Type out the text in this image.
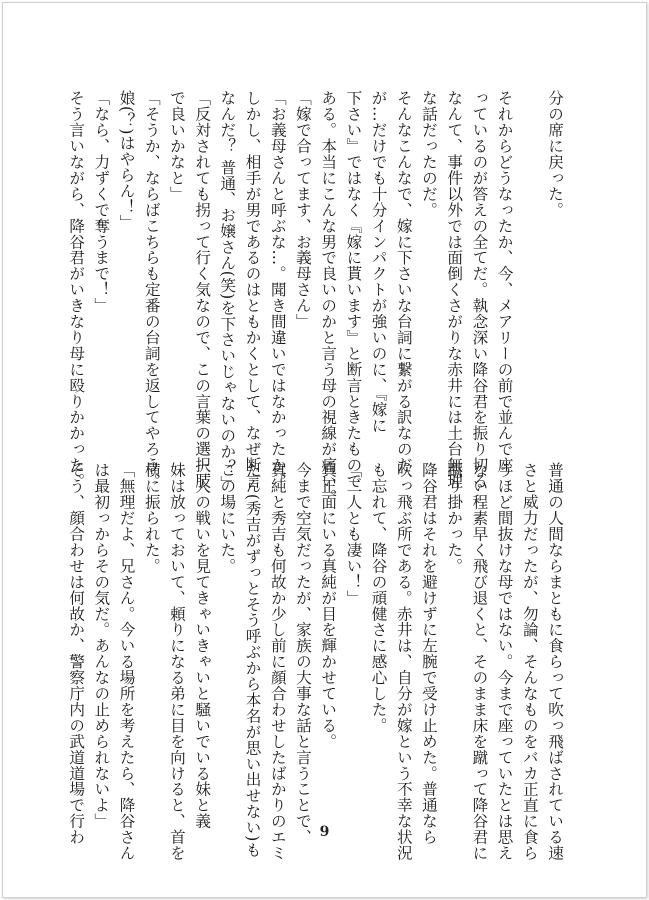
分の席に戻った。

それからどうなったか、今、メアリーの前で並んで座
っているのが答えの全てだ。執念深い降谷君を振り切る
なんて、事件以外では面倒くさがりな赤井には土台無理
な話だったのだ。
そんなこんなで、嫁に下さいな台詞に繋がる訳なのだ
が…だけでも十分インパクトが強いのに、『嫁に
下さい』ではなく『嫁に貰います』と断言ときたもので
ある。本当にこんな男で良いのかと言う母の視線が痛い。
「嫁で合ってます、お義母さん」
「お義母さんと呼ぶな…。聞き間違いではなかったか。
しかし、相手が男であるのはともかくとして、なぜ断言
なんだ？ 普通、お嬢さん(笑)を下さいじゃないのか？」
「反対されても拐って行く気なので、この言葉の選択肢
で良いかなと」
「そうか、ならばこちらも定番の台詞を返してやろう。
娘(？)はやらん！」
「なら、力ずくで奪うまで！」
そう言いながら、降谷君がいきなり母に殴りかかった。
普通の人間ならまともに食らって吹っ飛ばされている速
さと威力だったが、勿論、そんなものをバカ正直に食ら
うほど間抜けな母ではない。今まで座っていたとは思え
ない程素早く飛び退くと、そのまま床を蹴って降谷君に
蹴り掛かった。
降谷君はそれを避けずに左腕で受け止めた。普通なら
吹っ飛ぶ所である。赤井は、自分が嫁という不幸な状況
も忘れて、降谷の頑健さに感心した。
「二人とも凄い！」
真正面にいる真純が目を輝かせている。
今まで空気だったが、家族の大事な話と言うことで、
真純と秀吉も何故か少し前に顔合わせしたばかりのエミ
たん(秀吉がずっとそう呼ぶから本名が思い出せない)も
この場にいた。
二人の戦いを見てきゃいきゃいと騒いでいる妹と義
妹は放っておいて、頼りになる弟に目を向けると、首を
横に振られた。
「無理だよ、兄さん。今いる場所を考えたら、降谷さん
は最初っからその気だ。あんなの止められないよ」
そう、顔合わせは何故か、警察庁内の武道道場で行わ	9
